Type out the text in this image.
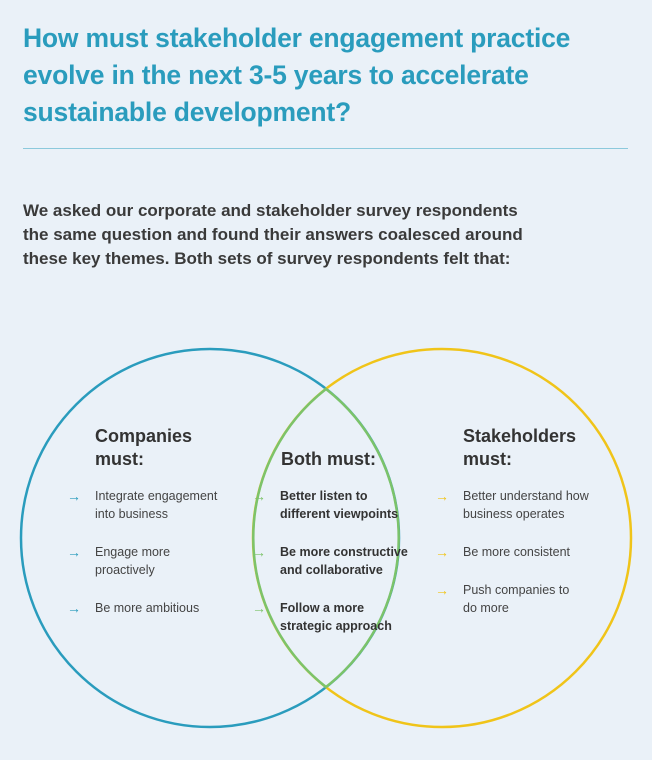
How must stakeholder engagement practice evolve in the next 3-5 years to accelerate sustainable development?

We asked our corporate and stakeholder survey respondents the same question and found their answers coalesced around these key themes. Both sets of survey respondents felt that:

Companies
must:
→ Integrate engagement
into business
→ Engage more
proactively
→ Be more ambitious
Both must:
→ Better listen to
different viewpoints
→ Be more constructive
and collaborative
→ Follow a more
strategic approach
Stakeholders
must:
→ Better understand how
business operates
→ Be more consistent
→ Push companies to
do more
